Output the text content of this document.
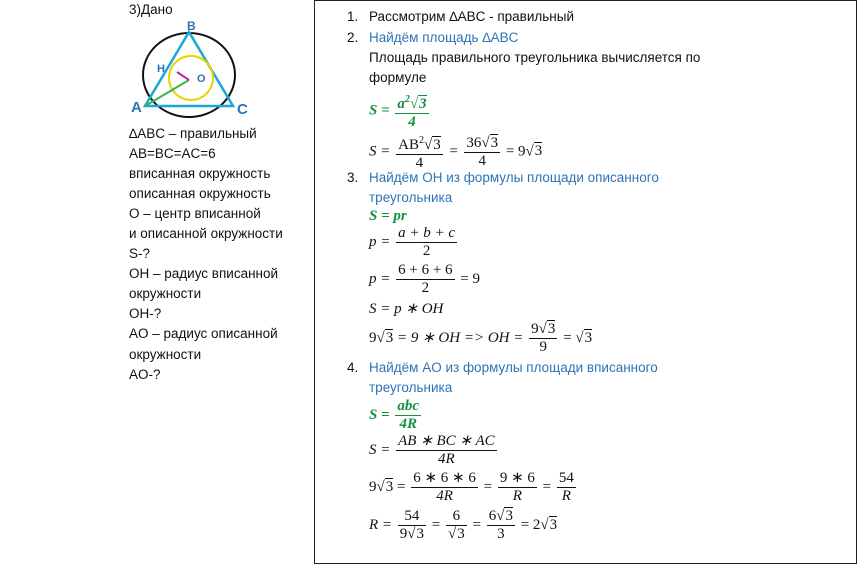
3)Дано
B
H
O
A	C
∆ABC – правильный
AB=BC=AC=6
вписанная окружность
описанная окружность
O – центр вписанной
и описанной окружности
S-?
OH – радиус вписанной
окружности
OH-?
AO – радиус описанной
окружности
AO-?
1. Рассмотрим ∆ABC - правильный
2. Найдём площадь ∆ABC
Площадь правильного треугольника вычисляется по
формуле
$S = \frac{a^2√3}{4}$
$S = \frac{AB^2√3}{4} = \frac{36√3}{4} = 9√3$
3. Найдём OH из формулы площади описанного
треугольника
S = pr
$p = \frac{a + b + c}{2}$
$p = \frac{6 + 6 + 6}{2} = 9$
S = p ∗ OH
9√3 = 9 ∗ OH => OH = $\frac{9√3}{9} = √3$
4. Найдём AO из формулы площади вписанного
треугольника
$S = \frac{\text{abc}}{4R}$
$S = \frac{AB ∗ BC ∗ AC}{4R}$
$9√3 = \frac{6 ∗ 6 ∗ 6}{4R} = \frac{9 ∗ 6}{R} = \frac{54}{R}$
$R = \frac{54}{9√3} = \frac{6}{√3} = \frac{6√3}{3} = 2√3$
